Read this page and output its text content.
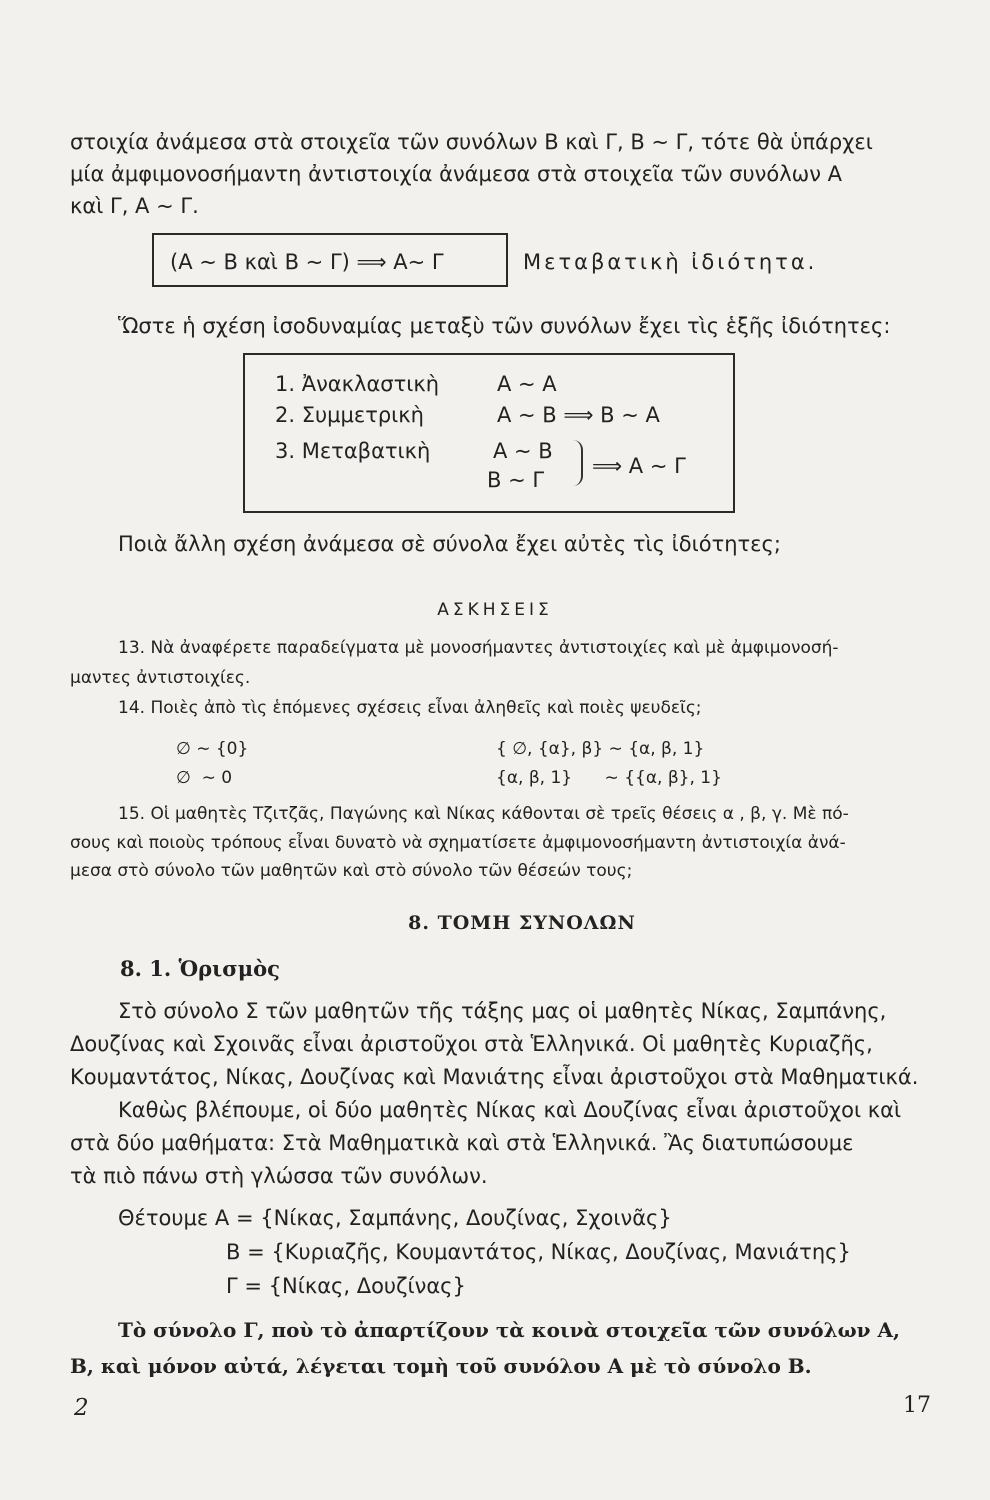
στοιχία ἀνάμεσα στὰ στοιχεῖα τῶν συνόλων Β καὶ Γ, Β ∼ Γ, τότε θὰ ὑπάρχει
μία ἀμφιμονοσήμαντη ἀντιστοιχία ἀνάμεσα στὰ στοιχεῖα τῶν συνόλων Α
καὶ Γ, Α ∼ Γ.
(Α ∼ Β καὶ Β ∼ Γ) ⟹ Α∼ Γ	Μεταβατικὴ ἰδιότητα.
Ὥστε ἡ σχέση ἰσοδυναμίας μεταξὺ τῶν συνόλων ἔχει τὶς ἑξῆς ἰδιότητες:
1. Ἀνακλαστικὴ	Α ∼ Α
2. Συμμετρικὴ	Α ∼ Β ⟹ Β ∼ Α
3. Μεταβατικὴ	Α ∼ Β
Β ∼ Γ
⟹ Α ∼ Γ
Ποιὰ ἄλλη σχέση ἀνάμεσα σὲ σύνολα ἔχει αὐτὲς τὶς ἰδιότητες;
ΑΣΚΗΣΕΙΣ
13. Νὰ ἀναφέρετε παραδείγματα μὲ μονοσήμαντες ἀντιστοιχίες καὶ μὲ ἀμφιμονοσή-
μαντες ἀντιστοιχίες.
14. Ποιὲς ἀπὸ τὶς ἑπόμενες σχέσεις εἶναι ἀληθεῖς καὶ ποιὲς ψευδεῖς;
∅ ∼ {0}	{ ∅, {α}, β} ∼ {α, β, 1}
∅  ∼ 0	{α, β, 1}      ∼ {{α, β}, 1}
15. Οἱ μαθητὲς Τζιτζᾶς, Παγώνης καὶ Νίκας κάθονται σὲ τρεῖς θέσεις α , β, γ. Μὲ πό-
σους καὶ ποιοὺς τρόπους εἶναι δυνατὸ νὰ σχηματίσετε ἀμφιμονοσήμαντη ἀντιστοιχία ἀνά-
μεσα στὸ σύνολο τῶν μαθητῶν καὶ στὸ σύνολο τῶν θέσεών τους;
8. ΤΟΜΗ ΣΥΝΟΛΩΝ
8. 1. Ὁρισμὸς
Στὸ σύνολο Σ τῶν μαθητῶν τῆς τάξης μας οἱ μαθητὲς Νίκας, Σαμπάνης,
Δουζίνας καὶ Σχοινᾶς εἶναι ἀριστοῦχοι στὰ Ἑλληνικά. Οἱ μαθητὲς Κυριαζῆς,
Κουμαντάτος, Νίκας, Δουζίνας καὶ Μανιάτης εἶναι ἀριστοῦχοι στὰ Μαθηματικά.
Καθὼς βλέπουμε, οἱ δύο μαθητὲς Νίκας καὶ Δουζίνας εἶναι ἀριστοῦχοι καὶ
στὰ δύο μαθήματα: Στὰ Μαθηματικὰ καὶ στὰ Ἑλληνικά. Ἂς διατυπώσουμε
τὰ πιὸ πάνω στὴ γλώσσα τῶν συνόλων.
Θέτουμε Α = {Νίκας, Σαμπάνης, Δουζίνας, Σχοινᾶς}
Β = {Κυριαζῆς, Κουμαντάτος, Νίκας, Δουζίνας, Μανιάτης}
Γ = {Νίκας, Δουζίνας}
Τὸ σύνολο Γ, ποὺ τὸ ἀπαρτίζουν τὰ κοινὰ στοιχεῖα τῶν συνόλων Α,
Β, καὶ μόνον αὐτά, λέγεται τομὴ τοῦ συνόλου Α μὲ τὸ σύνολο Β.
2	17
